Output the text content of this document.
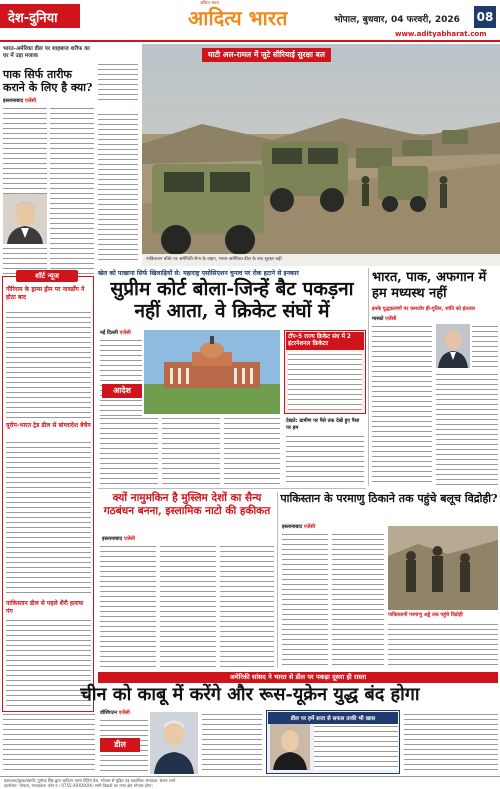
देश-दुनिया
अदित्य भारत
आदित्य भारत	भोपाल, बुधवार, 04 फरवरी, 2026 08
www.adityabharat.com
भारत-अमेरिका डील पर शाहबाज शरीफ का घर में उड़ा मजाक
पाक सिर्फ तारीफ कराने के लिए है क्या?
इस्लामाबाद एजेंसी
शॉर्ट न्यूज
गौरिराम के ड्राम्स ड्रीम पर नावर्डोंग ने होठा बाद
यूरोप-भारत ट्रेड डील से बांग्लादेश बेचैन
पाकिस्तान डील से पहले शैरी हलाफ गंग
घाटी अल-रामल में जुटे सीरियाई सुरक्षा बल
पाकिस्तान बॉर्डर पर अमेरिकी सेना के वाहन, भारत-अमेरिका डील के बाद सुरक्षा बढ़ी
खेल को पाखाना सिर्फ खिलाड़ियों से: महाराष्ट्र एसोसिएशन चुनाव पर रोक हटाने से इनकार
सुप्रीम कोर्ट बोला-जिन्हें बैट पकड़ना नहीं आता, वे क्रिकेट संघों में
नई दिल्ली एजेंसी
आदेश
टॉप-5 राज्य क्रिकेट संघ में 2 इंटरनेशनल क्रिकेटर
देखते: ग्रामीण पर पैसे तक देखें हुए पैसा पर हम
क्यों नामुमकिन है मुस्लिम देशों का सैन्य गठबंधन बनना, इस्लामिक नाटो की हकीकत
इस्लामाबाद एजेंसी
पाकिस्तान के परमाणु ठिकाने तक पहुंचे बलूच विद्रोही?
इस्लामाबाद एजेंसी
पाकिस्तानी परमाणु अड्डे तक पहुंचे विद्रोही
भारत, पाक, अफगान में हम मध्यस्थ नहीं
इनके युद्धकारणों पर कमजोर ही-पुतिन, शांति को इंतजार
मास्को एजेंसी
अमेरिकी सांसद ने भारत से डील पर पकड़ा दूसरा ही रास्ता
चीन को काबू में करेंगे और रूस-यूक्रेन युद्ध बंद होगा
वॉशिंगटन एजेंसी
डील
डील पर हमें सत्ता से सफल ताकी भी खास
प्रकाशक/मुद्रक/स्वामी: पुष्पेन्द्र सिंह द्वारा आदित्य भारत प्रिंटिंग प्रेस, भोपाल से मुद्रित एवं प्रकाशित। संपादक: संजय शर्मा
कार्यालय: भोपाल, मध्यप्रदेश। फोन नं.: 0755-XXXXXXX। सभी विवादों का न्याय क्षेत्र भोपाल होगा।
